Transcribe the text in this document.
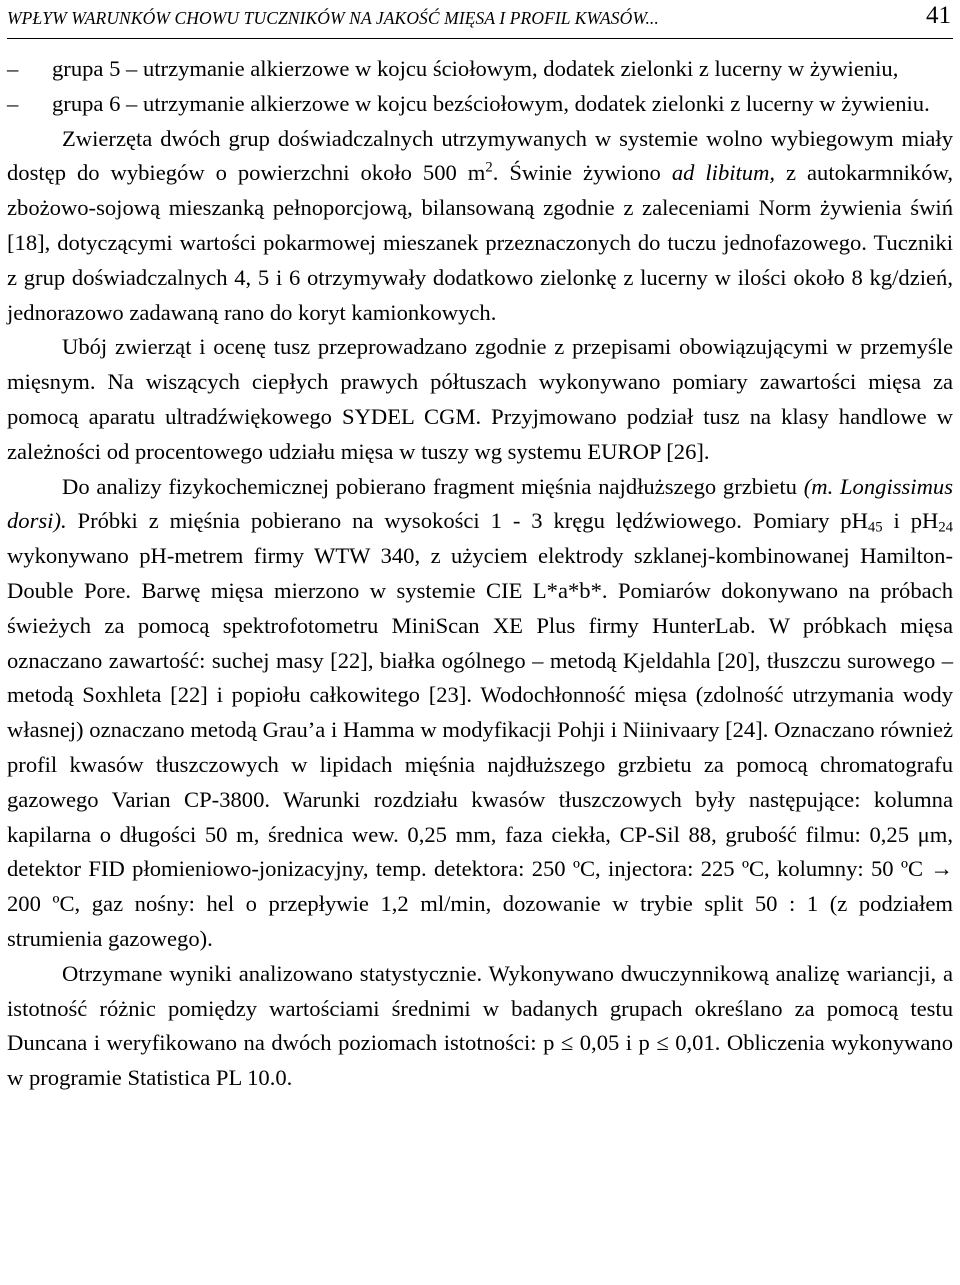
WPŁYW WARUNKÓW CHOWU TUCZNIKÓW NA JAKOŚĆ MIĘSA I PROFIL KWASÓW...	41
– grupa 5 – utrzymanie alkierzowe w kojcu ściołowym, dodatek zielonki z lucerny w żywieniu,
– grupa 6 – utrzymanie alkierzowe w kojcu bezściołowym, dodatek zielonki z lucerny w żywieniu.

Zwierzęta dwóch grup doświadczalnych utrzymywanych w systemie wolno wybiegowym miały dostęp do wybiegów o powierzchni około 500 $m^2$. Świnie żywiono ad libitum, z autokarmników, zbożowo-sojową mieszanką pełnoporcjową, bilansowaną zgodnie z zaleceniami Norm żywienia świń [18], dotyczącymi wartości pokarmowej mieszanek przeznaczonych do tuczu jednofazowego. Tuczniki z grup doświadczalnych 4, 5 i 6 otrzymywały dodatkowo zielonkę z lucerny w ilości około 8 kg/dzień, jednorazowo zadawaną rano do koryt kamionkowych.

Ubój zwierząt i ocenę tusz przeprowadzano zgodnie z przepisami obowiązującymi w przemyśle mięsnym. Na wiszących ciepłych prawych półtuszach wykonywano pomiary zawartości mięsa za pomocą aparatu ultradźwiękowego SYDEL CGM. Przyjmowano podział tusz na klasy handlowe w zależności od procentowego udziału mięsa w tuszy wg systemu EUROP [26].

Do analizy fizykochemicznej pobierano fragment mięśnia najdłuższego grzbietu (m. Longissimus dorsi). Próbki z mięśnia pobierano na wysokości 1 - 3 kręgu lędźwiowego. Pomiary $pH_{45}$ i $pH_{24}$ wykonywano pH-metrem firmy WTW 340, z użyciem elektrody szklanej-kombinowanej Hamilton-Double Pore. Barwę mięsa mierzono w systemie CIE L*a*b*. Pomiarów dokonywano na próbach świeżych za pomocą spektrofotometru MiniScan XE Plus firmy HunterLab. W próbkach mięsa oznaczano zawartość: suchej masy [22], białka ogólnego – metodą Kjeldahla [20], tłuszczu surowego – metodą Soxhleta [22] i popiołu całkowitego [23]. Wodochłonność mięsa (zdolność utrzymania wody własnej) oznaczano metodą Grau’a i Hamma w modyfikacji Pohji i Niinivaary [24]. Oznaczano również profil kwasów tłuszczowych w lipidach mięśnia najdłuższego grzbietu za pomocą chromatografu gazowego Varian CP-3800. Warunki rozdziału kwasów tłuszczowych były następujące: kolumna kapilarna o długości 50 m, średnica wew. 0,25 mm, faza ciekła, CP-Sil 88, grubość filmu: 0,25 μm, detektor FID płomieniowo-jonizacyjny, temp. detektora: 250 ºC, injectora: 225 ºC, kolumny: 50 ºC → 200 ºC, gaz nośny: hel o przepływie 1,2 ml/min, dozowanie w trybie split 50 : 1 (z podziałem strumienia gazowego).

Otrzymane wyniki analizowano statystycznie. Wykonywano dwuczynnikową analizę wariancji, a istotność różnic pomiędzy wartościami średnimi w badanych grupach określano za pomocą testu Duncana i weryfikowano na dwóch poziomach istotności: p ≤ 0,05 i p ≤ 0,01. Obliczenia wykonywano w programie Statistica PL 10.0.
